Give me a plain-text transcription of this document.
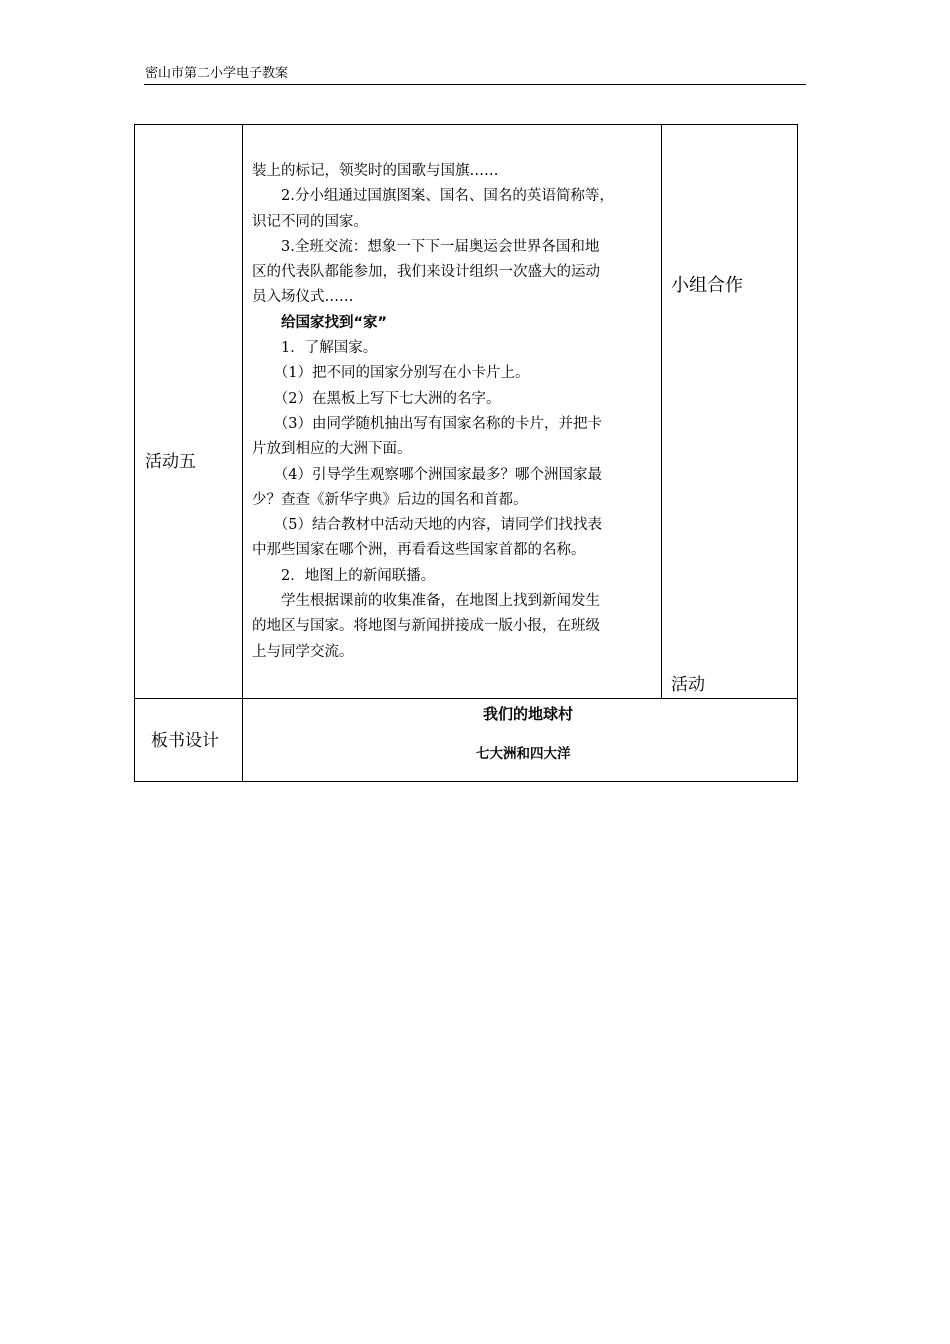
密山市第二小学电子教案
活动五

装上的标记，领奖时的国歌与国旗……

2.分小组通过国旗图案、国名、国名的英语简称等，

识记不同的国家。

3.全班交流：想象一下下一届奥运会世界各国和地

区的代表队都能参加，我们来设计组织一次盛大的运动

员入场仪式……

给国家找到“家”

1．了解国家。

（1）把不同的国家分别写在小卡片上。

（2）在黑板上写下七大洲的名字。

（3）由同学随机抽出写有国家名称的卡片，并把卡

片放到相应的大洲下面。

（4）引导学生观察哪个洲国家最多？哪个洲国家最

少？查查《新华字典》后边的国名和首都。

（5）结合教材中活动天地的内容，请同学们找找表

中那些国家在哪个洲，再看看这些国家首都的名称。

2．地图上的新闻联播。

学生根据课前的收集准备，在地图上找到新闻发生

的地区与国家。将地图与新闻拼接成一版小报，在班级

上与同学交流。

小组合作
活动
板书设计
我们的地球村
七大洲和四大洋
